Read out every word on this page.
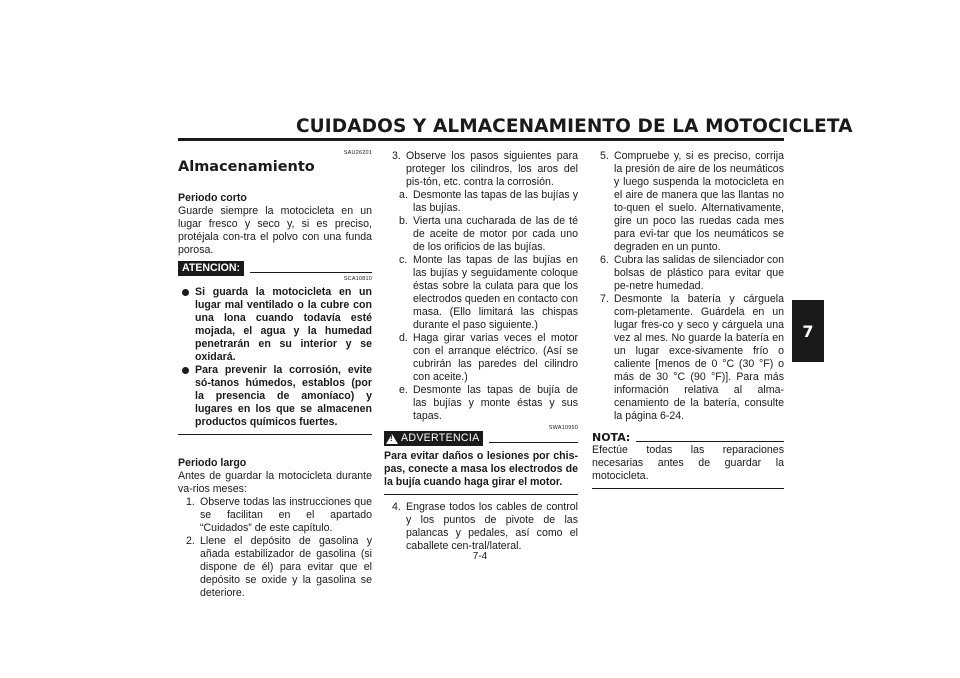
CUIDADOS Y ALMACENAMIENTO DE LA MOTOCICLETA
7
7-4
SAU26201
Almacenamiento

Periodo corto

Guarde siempre la motocicleta en un lugar fresco y seco y, si es preciso, protéjala con-tra el polvo con una funda porosa.

ATENCION:
SCA10810
Si guarda la motocicleta en un lugar mal ventilado o la cubre con una lona cuando todavía esté mojada, el agua y la humedad penetrarán en su interior y se oxidará.
Para prevenir la corrosión, evite só-tanos húmedos, establos (por la presencia de amoníaco) y lugares en los que se almacenen productos químicos fuertes.

Periodo largo

Antes de guardar la motocicleta durante va-rios meses:

1. Observe todas las instrucciones que se facilitan en el apartado “Cuidados” de este capítulo.
2. Llene el depósito de gasolina y añada estabilizador de gasolina (si dispone de él) para evitar que el depósito se oxide y la gasolina se deteriore.
3. Observe los pasos siguientes para proteger los cilindros, los aros del pis-tón, etc. contra la corrosión.
a. Desmonte las tapas de las bujías y las bujías.
b. Vierta una cucharada de las de té de aceite de motor por cada uno de los orificios de las bujías.
c. Monte las tapas de las bujías en las bujías y seguidamente coloque éstas sobre la culata para que los electrodos queden en contacto con masa. (Ello limitará las chispas durante el paso siguiente.)
d. Haga girar varias veces el motor con el arranque eléctrico. (Así se cubrirán las paredes del cilindro con aceite.)
e. Desmonte las tapas de bujía de las bujías y monte éstas y sus tapas.
SWA10950
!
ADVERTENCIA

Para evitar daños o lesiones por chis-pas, conecte a masa los electrodos de la bujía cuando haga girar el motor.

4. Engrase todos los cables de control y los puntos de pivote de las palancas y pedales, así como el caballete cen-tral/lateral.
5. Compruebe y, si es preciso, corrija la presión de aire de los neumáticos y luego suspenda la motocicleta en el aire de manera que las llantas no to-quen el suelo. Alternativamente, gire un poco las ruedas cada mes para evi-tar que los neumáticos se degraden en un punto.
6. Cubra las salidas de silenciador con bolsas de plástico para evitar que pe-netre humedad.
7. Desmonte la batería y cárguela com-pletamente. Guárdela en un lugar fres-co y seco y cárguela una vez al mes. No guarde la batería en un lugar exce-sivamente frío o caliente [menos de 0 °C (30 °F) o más de 30 °C (90 °F)]. Para más información relativa al alma-cenamiento de la batería, consulte la página 6-24.
NOTA:

Efectúe todas las reparaciones necesarias antes de guardar la motocicleta.
